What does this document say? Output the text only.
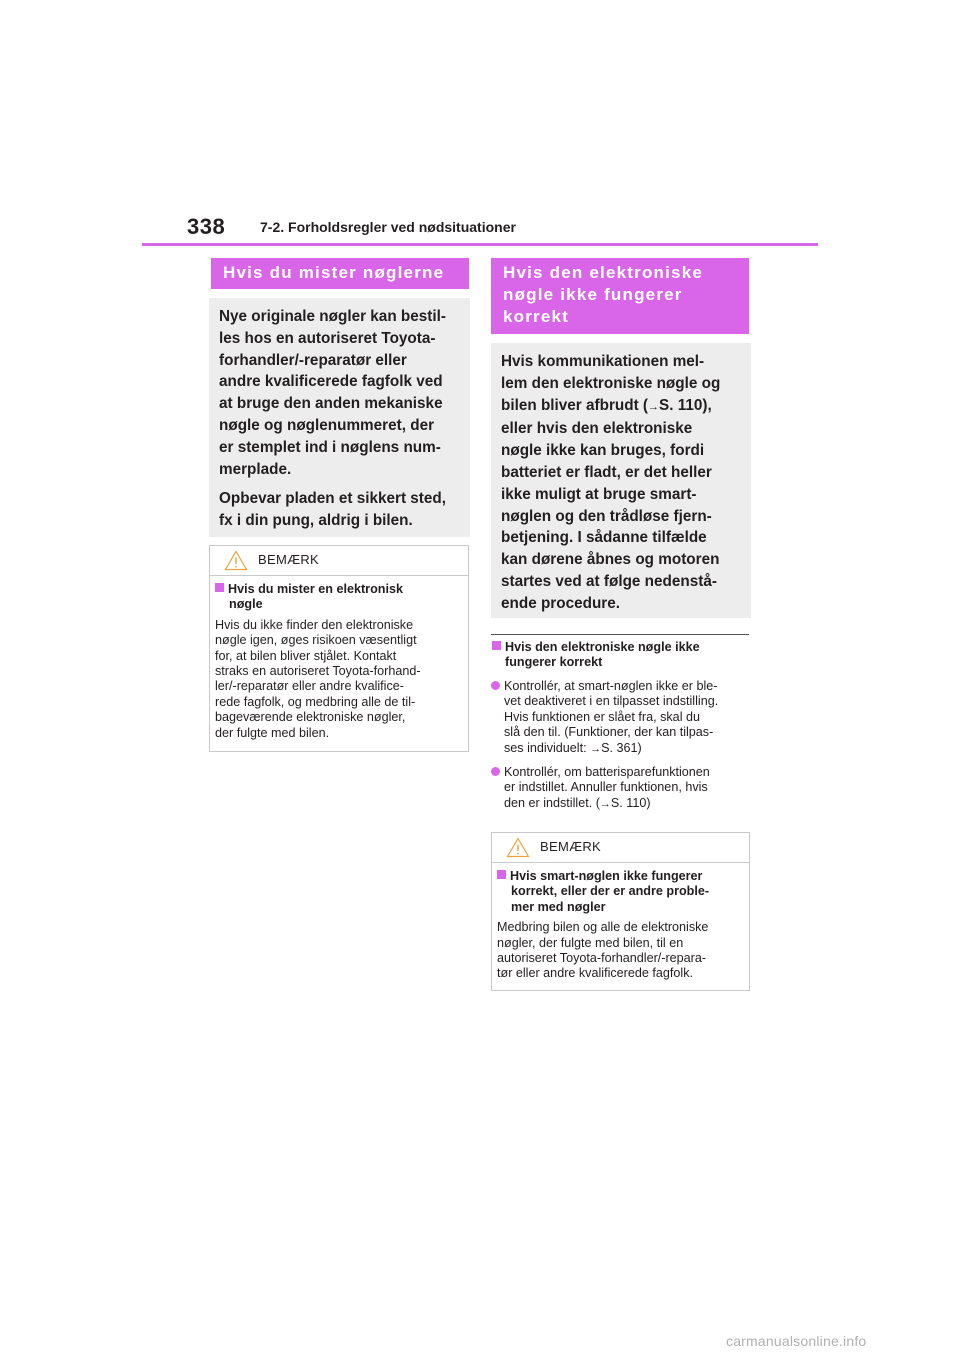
338 7-2. Forholdsregler ved nødsituationer
Hvis du mister nøglerne

Nye originale nøgler kan bestil-
les hos en autoriseret Toyota-
forhandler/-reparatør eller
andre kvalificerede fagfolk ved
at bruge den anden mekaniske
nøgle og nøglenummeret, der
er stemplet ind i nøglens num-
merplade.

Opbevar pladen et sikkert sted,
fx i din pung, aldrig i bilen.

BEMÆRK
Hvis du mister en elektronisk
nøgle
Hvis du ikke finder den elektroniske
nøgle igen, øges risikoen væsentligt
for, at bilen bliver stjålet. Kontakt
straks en autoriseret Toyota-forhand-
ler/-reparatør eller andre kvalifice-
rede fagfolk, og medbring alle de til-
bageværende elektroniske nøgler,
der fulgte med bilen.
Hvis den elektroniske
nøgle ikke fungerer
korrekt

Hvis kommunikationen mel-
lem den elektroniske nøgle og
bilen bliver afbrudt (→S. 110),
eller hvis den elektroniske
nøgle ikke kan bruges, fordi
batteriet er fladt, er det heller
ikke muligt at bruge smart-
nøglen og den trådløse fjern-
betjening. I sådanne tilfælde
kan dørene åbnes og motoren
startes ved at følge nedenstå-
ende procedure.

Hvis den elektroniske nøgle ikke
fungerer korrekt
Kontrollér, at smart-nøglen ikke er ble-
vet deaktiveret i en tilpasset indstilling.
Hvis funktionen er slået fra, skal du
slå den til. (Funktioner, der kan tilpas-
ses individuelt: →S. 361)
Kontrollér, om batterisparefunktionen
er indstillet. Annuller funktionen, hvis
den er indstillet. (→S. 110)
BEMÆRK
Hvis smart-nøglen ikke fungerer
korrekt, eller der er andre proble-
mer med nøgler
Medbring bilen og alle de elektroniske
nøgler, der fulgte med bilen, til en
autoriseret Toyota-forhandler/-repara-
tør eller andre kvalificerede fagfolk.
carmanualsonline.info
